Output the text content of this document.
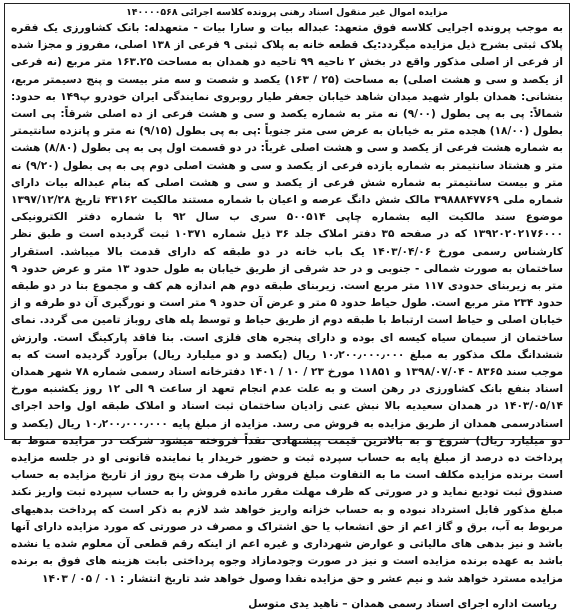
مزایده اموال غیر منقول اسناد رهنی پرونده کلاسه اجرائی ۱۴۰۰۰۰۵۶۸

به موجب پرونده اجرایی کلاسه فوق متعهد: عبداله بیات و سارا بیات - متعهدله: بانک کشاورزی یک فقره پلاک ثبتی بشرح ذیل مزایده میگردد:یک قطعه خانه به پلاک ثبتی ۹ فرعی از ۱۳۸ اصلی، مفروز و مجزا شده از فرعی از اصلی مذکور واقع در بخش ۲ ناحیه ۹۹ تاحیه دو همدان به مساحت ۱۶۳.۲۵ متر مربع (نه فرعی از یکصد و سی و هشت اصلی) به مساحت (۲۵ / ۱۶۳) یکصد و شصت و سه متر بیست و پنج دسیمتر مربع، بنشانی: همدان بلوار شهید میدان شاهد خیابان جعفر طیار روبروی نمایندگی ایران خودرو پ۱۴۹ به حدود: شمالاً: پی به پی بطول (۹/۰۰) نه متر به شماره یکصد و سی و هشت فرعی از ده اصلی شرقاً: پی است بطول (۱۸/۰۰) هجده متر به خیابان به عرض سی متر جنوباً :پی به پی بطول (۹/۱۵) نه متر و پانزده سانتیمتر به شماره هشت فرعی از یکصد و سی و هشت اصلی غرباً: در دو قسمت اول پی به پی بطول (۸/۸۰) هشت متر و هشتاد سانتیمتر به شماره یازده فرعی از یکصد و سی و هشت اصلی دوم پی به پی بطول (۹/۲۰) نه متر و بیست سانتیمتر به شماره شش فرعی از یکصد و سی و هشت اصلی که بنام عبداله بیات دارای شماره ملی ۳۹۸۸۸۴۷۷۶۹ مالک شش دانگ عرصه و اعیان با شماره مستند مالکیت ۴۳۱۶۲ تاریخ ۱۳۹۷/۱۲/۲۸ موضوع سند مالکیت الیه بشماره چاپی ۵۰۰۵۱۴ سری ب سال ۹۲ با شماره دفتر الکترونیکی ۱۳۹۲۰۲۰۲۱۷۶۰۰۰ که در صفحه ۳۵ دفتر املاک جلد ۳۶ ذیل شماره ۱۰۳۷۱ ثبت گردیده است و طبق نظر کارشناس رسمی مورخ ۱۴۰۳/۰۴/۰۶ یک باب خانه در دو طبقه که دارای قدمت بالا میباشد. استقرار ساختمان به صورت شمالی - جنوبی و در حد شرقی از طریق خیابان به طول حدود ۱۳ متر و عرض حدود ۹ متر به زیربنای حدودی ۱۱۷ متر مربع است. زیربنای طبقه دوم هم اندازه هم کف و مجموع بنا در دو طبقه حدود ۲۳۴ متر مربع است. طول حیاط حدود ۵ متر و عرض آن حدود ۹ متر است و نورگیری آن دو طرفه و از خیابان اصلی و حیاط است ارتباط با طبقه دوم از طریق حیاط و توسط پله های روباز تامین می گردد. نمای ساختمان از سیمان سیاه کیسه ای بوده و دارای پنجره های فلزی است. بنا فاقد پارکینگ است. وارزش ششدانگ ملک مذکور به مبلغ ۱۰٫۲۰۰٫۰۰۰٫۰۰۰ ریال (یکصد و دو میلیارد ریال) برآورد گردیده است که به موجب سند ۸۳۶۵ - ۱۳۹۸/۰۷/۰۴ و ۱۱۸۵۱ مورخ ۲۳ / ۱۰ / ۱۴۰۱ دفترخانه اسناد رسمی شماره ۷۸ شهر همدان اسناد بنفع بانک کشاورزی در رهن است و به علت عدم انجام تعهد از ساعت ۹ الی ۱۲ روز یکشنبه مورخ ۱۴۰۳/۰۵/۱۴ در همدان سعیدیه بالا نبش عنی زادیان ساختمان ثبت اسناد و املاک طبقه اول واحد اجرای اسنادرسمی همدان از طریق مزایده به فروش می رسد. مزایده از مبلغ پایه ۱۰٫۲۰۰٫۰۰۰٫۰۰۰ ریال (یکصد و دو میلیارد ریال) شروع و به بالاترین قیمت پیشنهادی نقداً فروخته میشود شرکت در مزایده منوط به پرداخت ده درصد از مبلغ پایه به حساب سپرده ثبت و حضور خریدار یا نماینده قانونی او در جلسه مزایده است برنده مزایده مکلف است ما به التفاوت مبلغ فروش را ظرف مدت پنج روز از تاریخ مزایده به حساب صندوق ثبت تودیع نماید و در صورتی که ظرف مهلت مقرر مانده فروش را به حساب سپرده ثبت واریز نکند مبلغ مذکور قابل استرداد نبوده و به حساب خزانه واریز خواهد شد لازم به ذکر است که پرداخت بدهیهای مربوط به آب، برق و گاز اعم از حق انشعاب یا حق اشتراک و مصرف در صورتی که مورد مزایده دارای آنها باشد و نیز بدهی های مالیاتی و عوارض شهرداری و غیره اعم از اینکه رقم قطعی آن معلوم شده یا نشده باشد به عهده برنده مزایده است و نیز در صورت وجودمازاد وجوه پرداختی بابت هزینه های فوق به برنده مزایده مسترد خواهد شد و نیم عشر و حق مزایده نقدا وصول خواهد شد تاریخ انتشار : ۰۱ / ۰۵ / ۱۴۰۳

ریاست اداره اجرای اسناد رسمی همدان – ناهید یدی متوسل
